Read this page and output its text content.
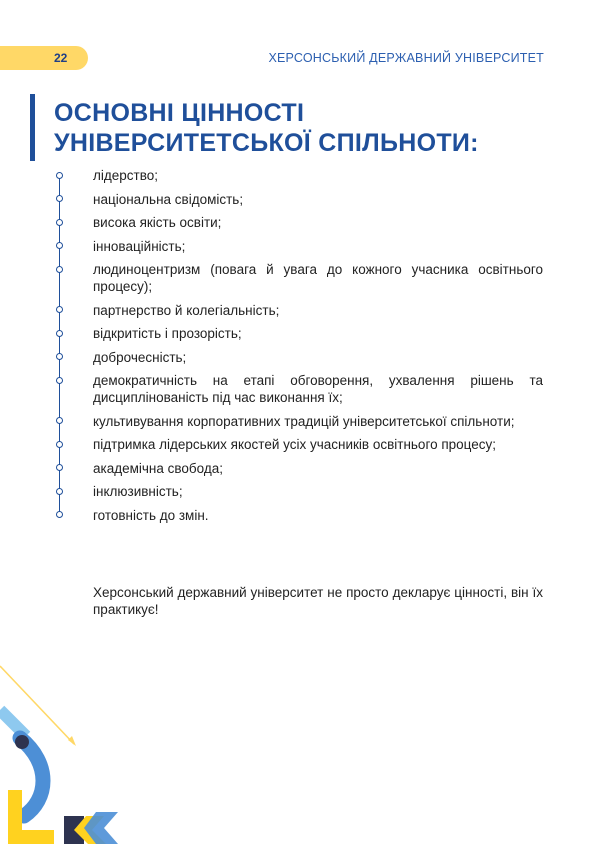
22	ХЕРСОНСЬКИЙ ДЕРЖАВНИЙ УНІВЕРСИТЕТ
ОСНОВНІ ЦІННОСТІ
УНІВЕРСИТЕТСЬКОЇ СПІЛЬНОТИ:
лідерство;
національна свідомість;
висока якість освіти;
інноваційність;
людиноцентризм (повага й увага до кожного учасника освітнього процесу);
партнерство й колегіальність;
відкритість і прозорість;
доброчесність;
демократичність на етапі обговорення, ухвалення рішень та дисциплінованість під час виконання їх;
культивування корпоративних традицій університетської спільноти;
підтримка лідерських якостей усіх учасників освітнього процесу;
академічна свобода;
інклюзивність;
готовність до змін.
Херсонський державний університет не просто декларує цінності, він їх практикує!
